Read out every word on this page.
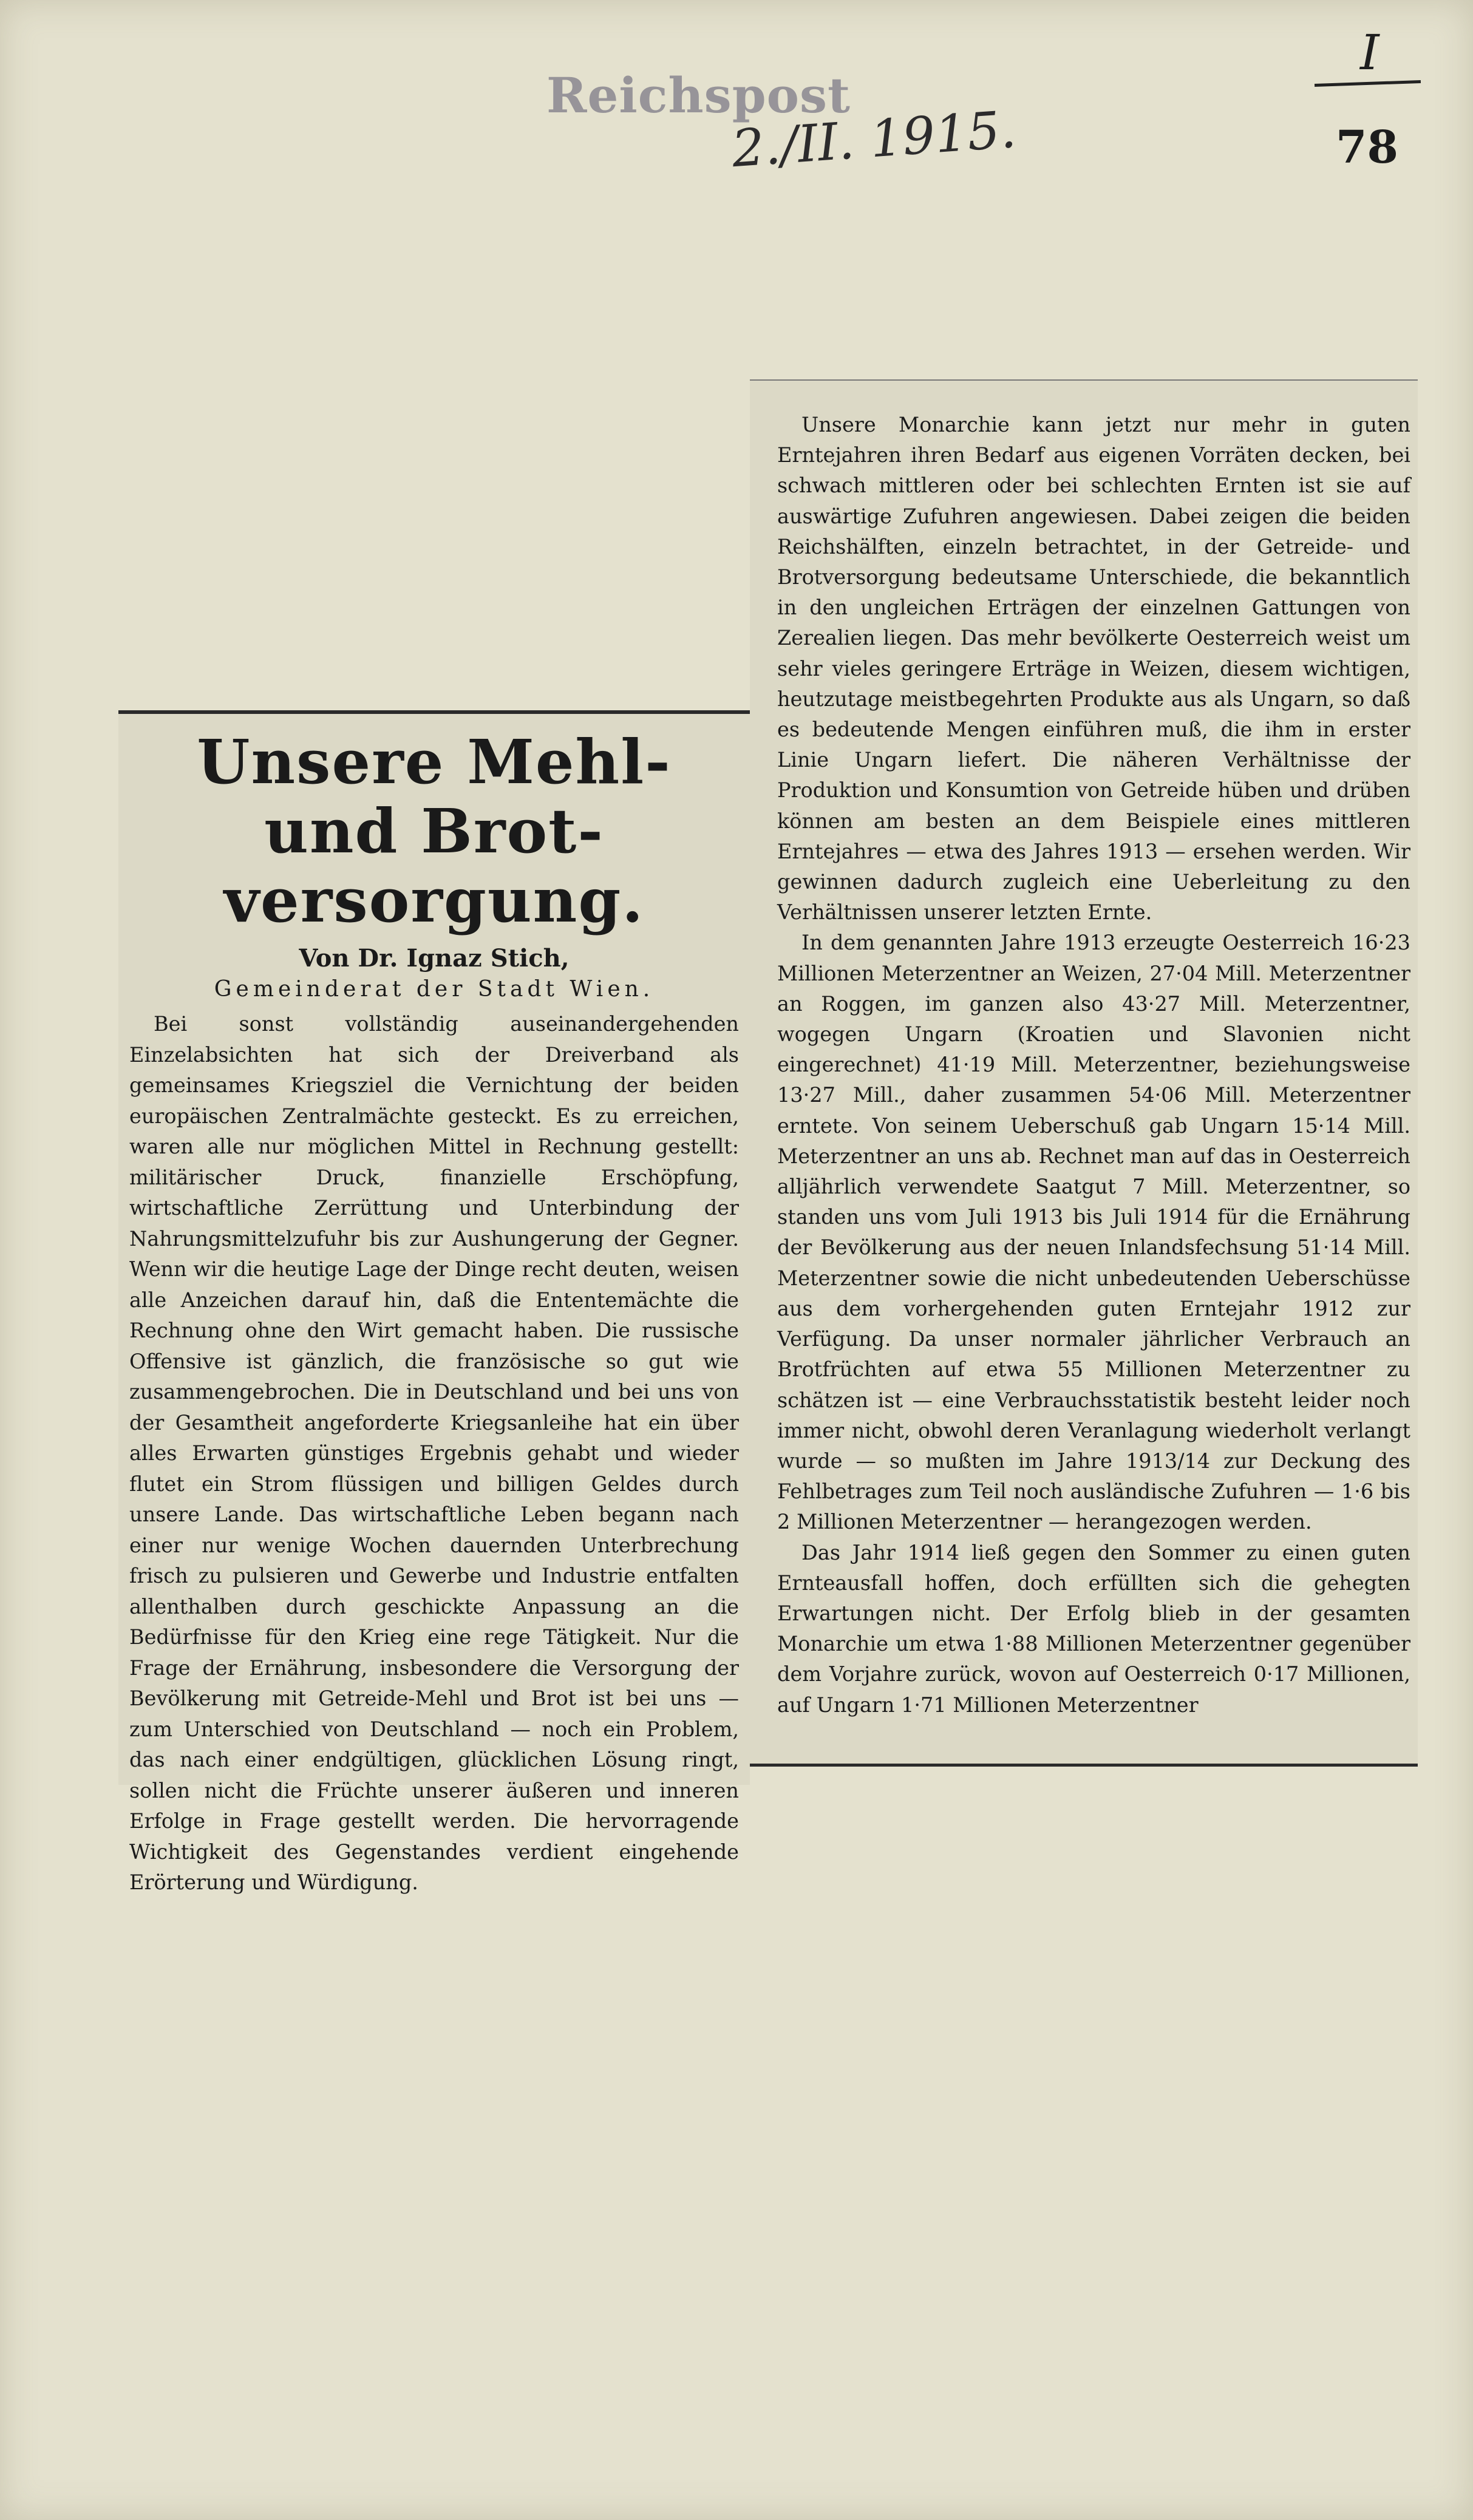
Reichspost
2./II. 1915.
I
78
Unsere Mehl- und Brot-
versorgung.
Von Dr. Ignaz Stich,
Gemeinderat der Stadt Wien.

Bei sonst vollständig auseinandergehenden Einzelabsichten hat sich der Dreiverband als gemeinsames Kriegsziel die Vernichtung der beiden europäischen Zentralmächte gesteckt. Es zu erreichen, waren alle nur möglichen Mittel in Rechnung gestellt: militärischer Druck, finanzielle Erschöpfung, wirtschaftliche Zerrüttung und Unterbindung der Nahrungsmittelzufuhr bis zur Aushungerung der Gegner. Wenn wir die heutige Lage der Dinge recht deuten, weisen alle Anzeichen darauf hin, daß die Ententemächte die Rechnung ohne den Wirt gemacht haben. Die russische Offensive ist gänzlich, die französische so gut wie zusammengebrochen. Die in Deutschland und bei uns von der Gesamtheit angeforderte Kriegsanleihe hat ein über alles Erwarten günstiges Ergebnis gehabt und wieder flutet ein Strom flüssigen und billigen Geldes durch unsere Lande. Das wirtschaftliche Leben begann nach einer nur wenige Wochen dauernden Unterbrechung frisch zu pulsieren und Gewerbe und Industrie entfalten allenthalben durch geschickte Anpassung an die Bedürfnisse für den Krieg eine rege Tätigkeit. Nur die Frage der Ernährung, insbesondere die Versorgung der Bevölkerung mit Getreide-Mehl und Brot ist bei uns — zum Unterschied von Deutschland — noch ein Problem, das nach einer endgültigen, glücklichen Lösung ringt, sollen nicht die Früchte unserer äußeren und inneren Erfolge in Frage gestellt werden. Die hervorragende Wichtigkeit des Gegenstandes verdient eingehende Erörterung und Würdigung.

Unsere Monarchie kann jetzt nur mehr in guten Erntejahren ihren Bedarf aus eigenen Vorräten decken, bei schwach mittleren oder bei schlechten Ernten ist sie auf auswärtige Zufuhren angewiesen. Dabei zeigen die beiden Reichshälften, einzeln betrachtet, in der Getreide- und Brotversorgung bedeutsame Unterschiede, die bekanntlich in den ungleichen Erträgen der einzelnen Gattungen von Zerealien liegen. Das mehr bevölkerte Oesterreich weist um sehr vieles geringere Erträge in Weizen, diesem wichtigen, heutzutage meistbegehrten Produkte aus als Ungarn, so daß es bedeutende Mengen einführen muß, die ihm in erster Linie Ungarn liefert. Die näheren Verhältnisse der Produktion und Konsumtion von Getreide hüben und drüben können am besten an dem Beispiele eines mittleren Erntejahres — etwa des Jahres 1913 — ersehen werden. Wir gewinnen dadurch zugleich eine Ueberleitung zu den Verhältnissen unserer letzten Ernte.

In dem genannten Jahre 1913 erzeugte Oesterreich 16·23 Millionen Meterzentner an Weizen, 27·04 Mill. Meterzentner an Roggen, im ganzen also 43·27 Mill. Meterzentner, wogegen Ungarn (Kroatien und Slavonien nicht eingerechnet) 41·19 Mill. Meterzentner, beziehungsweise 13·27 Mill., daher zusammen 54·06 Mill. Meterzentner erntete. Von seinem Ueberschuß gab Ungarn 15·14 Mill. Meterzentner an uns ab. Rechnet man auf das in Oesterreich alljährlich verwendete Saatgut 7 Mill. Meterzentner, so standen uns vom Juli 1913 bis Juli 1914 für die Ernährung der Bevölkerung aus der neuen Inlandsfechsung 51·14 Mill. Meterzentner sowie die nicht unbedeutenden Ueberschüsse aus dem vorhergehenden guten Erntejahr 1912 zur Verfügung. Da unser normaler jährlicher Verbrauch an Brotfrüchten auf etwa 55 Millionen Meterzentner zu schätzen ist — eine Verbrauchsstatistik besteht leider noch immer nicht, obwohl deren Veranlagung wiederholt verlangt wurde — so mußten im Jahre 1913/14 zur Deckung des Fehlbetrages zum Teil noch ausländische Zufuhren — 1·6 bis 2 Millionen Meterzentner — herangezogen werden.

Das Jahr 1914 ließ gegen den Sommer zu einen guten Ernteausfall hoffen, doch erfüllten sich die gehegten Erwartungen nicht. Der Erfolg blieb in der gesamten Monarchie um etwa 1·88 Millionen Meterzentner gegenüber dem Vorjahre zurück, wovon auf Oesterreich 0·17 Millionen, auf Ungarn 1·71 Millionen Meterzentner
